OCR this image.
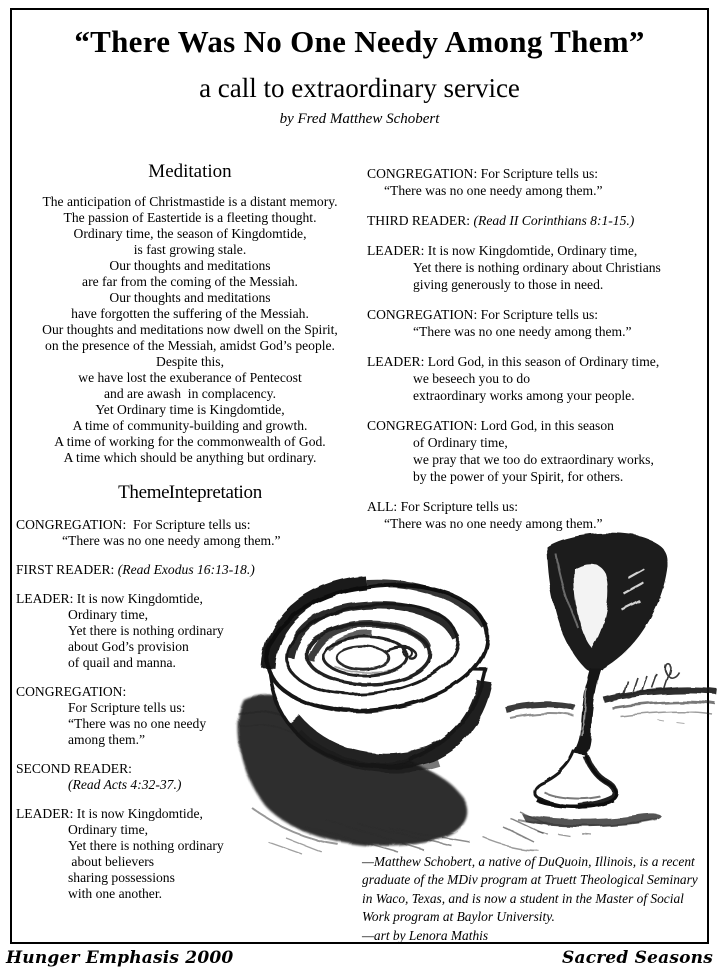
“There Was No One Needy Among Them”
a call to extraordinary service
by Fred Matthew Schobert
Meditation
The anticipation of Christmastide is a distant memory.
The passion of Eastertide is a fleeting thought.
Ordinary time, the season of Kingdomtide,
is fast growing stale.
Our thoughts and meditations
are far from the coming of the Messiah.
Our thoughts and meditations
have forgotten the suffering of the Messiah.
Our thoughts and meditations now dwell on the Spirit,
on the presence of the Messiah, amidst God’s people.
Despite this,
we have lost the exuberance of Pentecost
and are awash  in complacency.
Yet Ordinary time is Kingdomtide,
A time of community-building and growth.
A time of working for the commonwealth of God.
A time which should be anything but ordinary.
Theme Intepretation
CONGREGATION:  For Scripture tells us:
“There was no one needy among them.”
FIRST READER: (Read Exodus 16:13-18.)
LEADER: It is now Kingdomtide,
Ordinary time,
Yet there is nothing ordinary
about God’s provision
of quail and manna.
CONGREGATION:
For Scripture tells us:
“There was no one needy
among them.”
SECOND READER:
(Read Acts 4:32-37.)
LEADER: It is now Kingdomtide,
Ordinary time,
Yet there is nothing ordinary
about believers
sharing possessions
with one another.
CONGREGATION: For Scripture tells us:
“There was no one needy among them.”
THIRD READER: (Read II Corinthians 8:1-15.)
LEADER: It is now Kingdomtide, Ordinary time,
Yet there is nothing ordinary about Christians
giving generously to those in need.
CONGREGATION: For Scripture tells us:
“There was no one needy among them.”
LEADER: Lord God, in this season of Ordinary time,
we beseech you to do
extraordinary works among your people.
CONGREGATION: Lord God, in this season
of Ordinary time,
we pray that we too do extraordinary works,
by the power of your Spirit, for others.
ALL: For Scripture tells us:
“There was no one needy among them.”
—Matthew Schobert, a native of DuQuoin, Illinois, is a recent
graduate of the MDiv program at Truett Theological Seminary
in Waco, Texas, and is now a student in the Master of Social
Work program at Baylor University.
—art by Lenora Mathis
Hunger Emphasis 2000	Sacred Seasons
